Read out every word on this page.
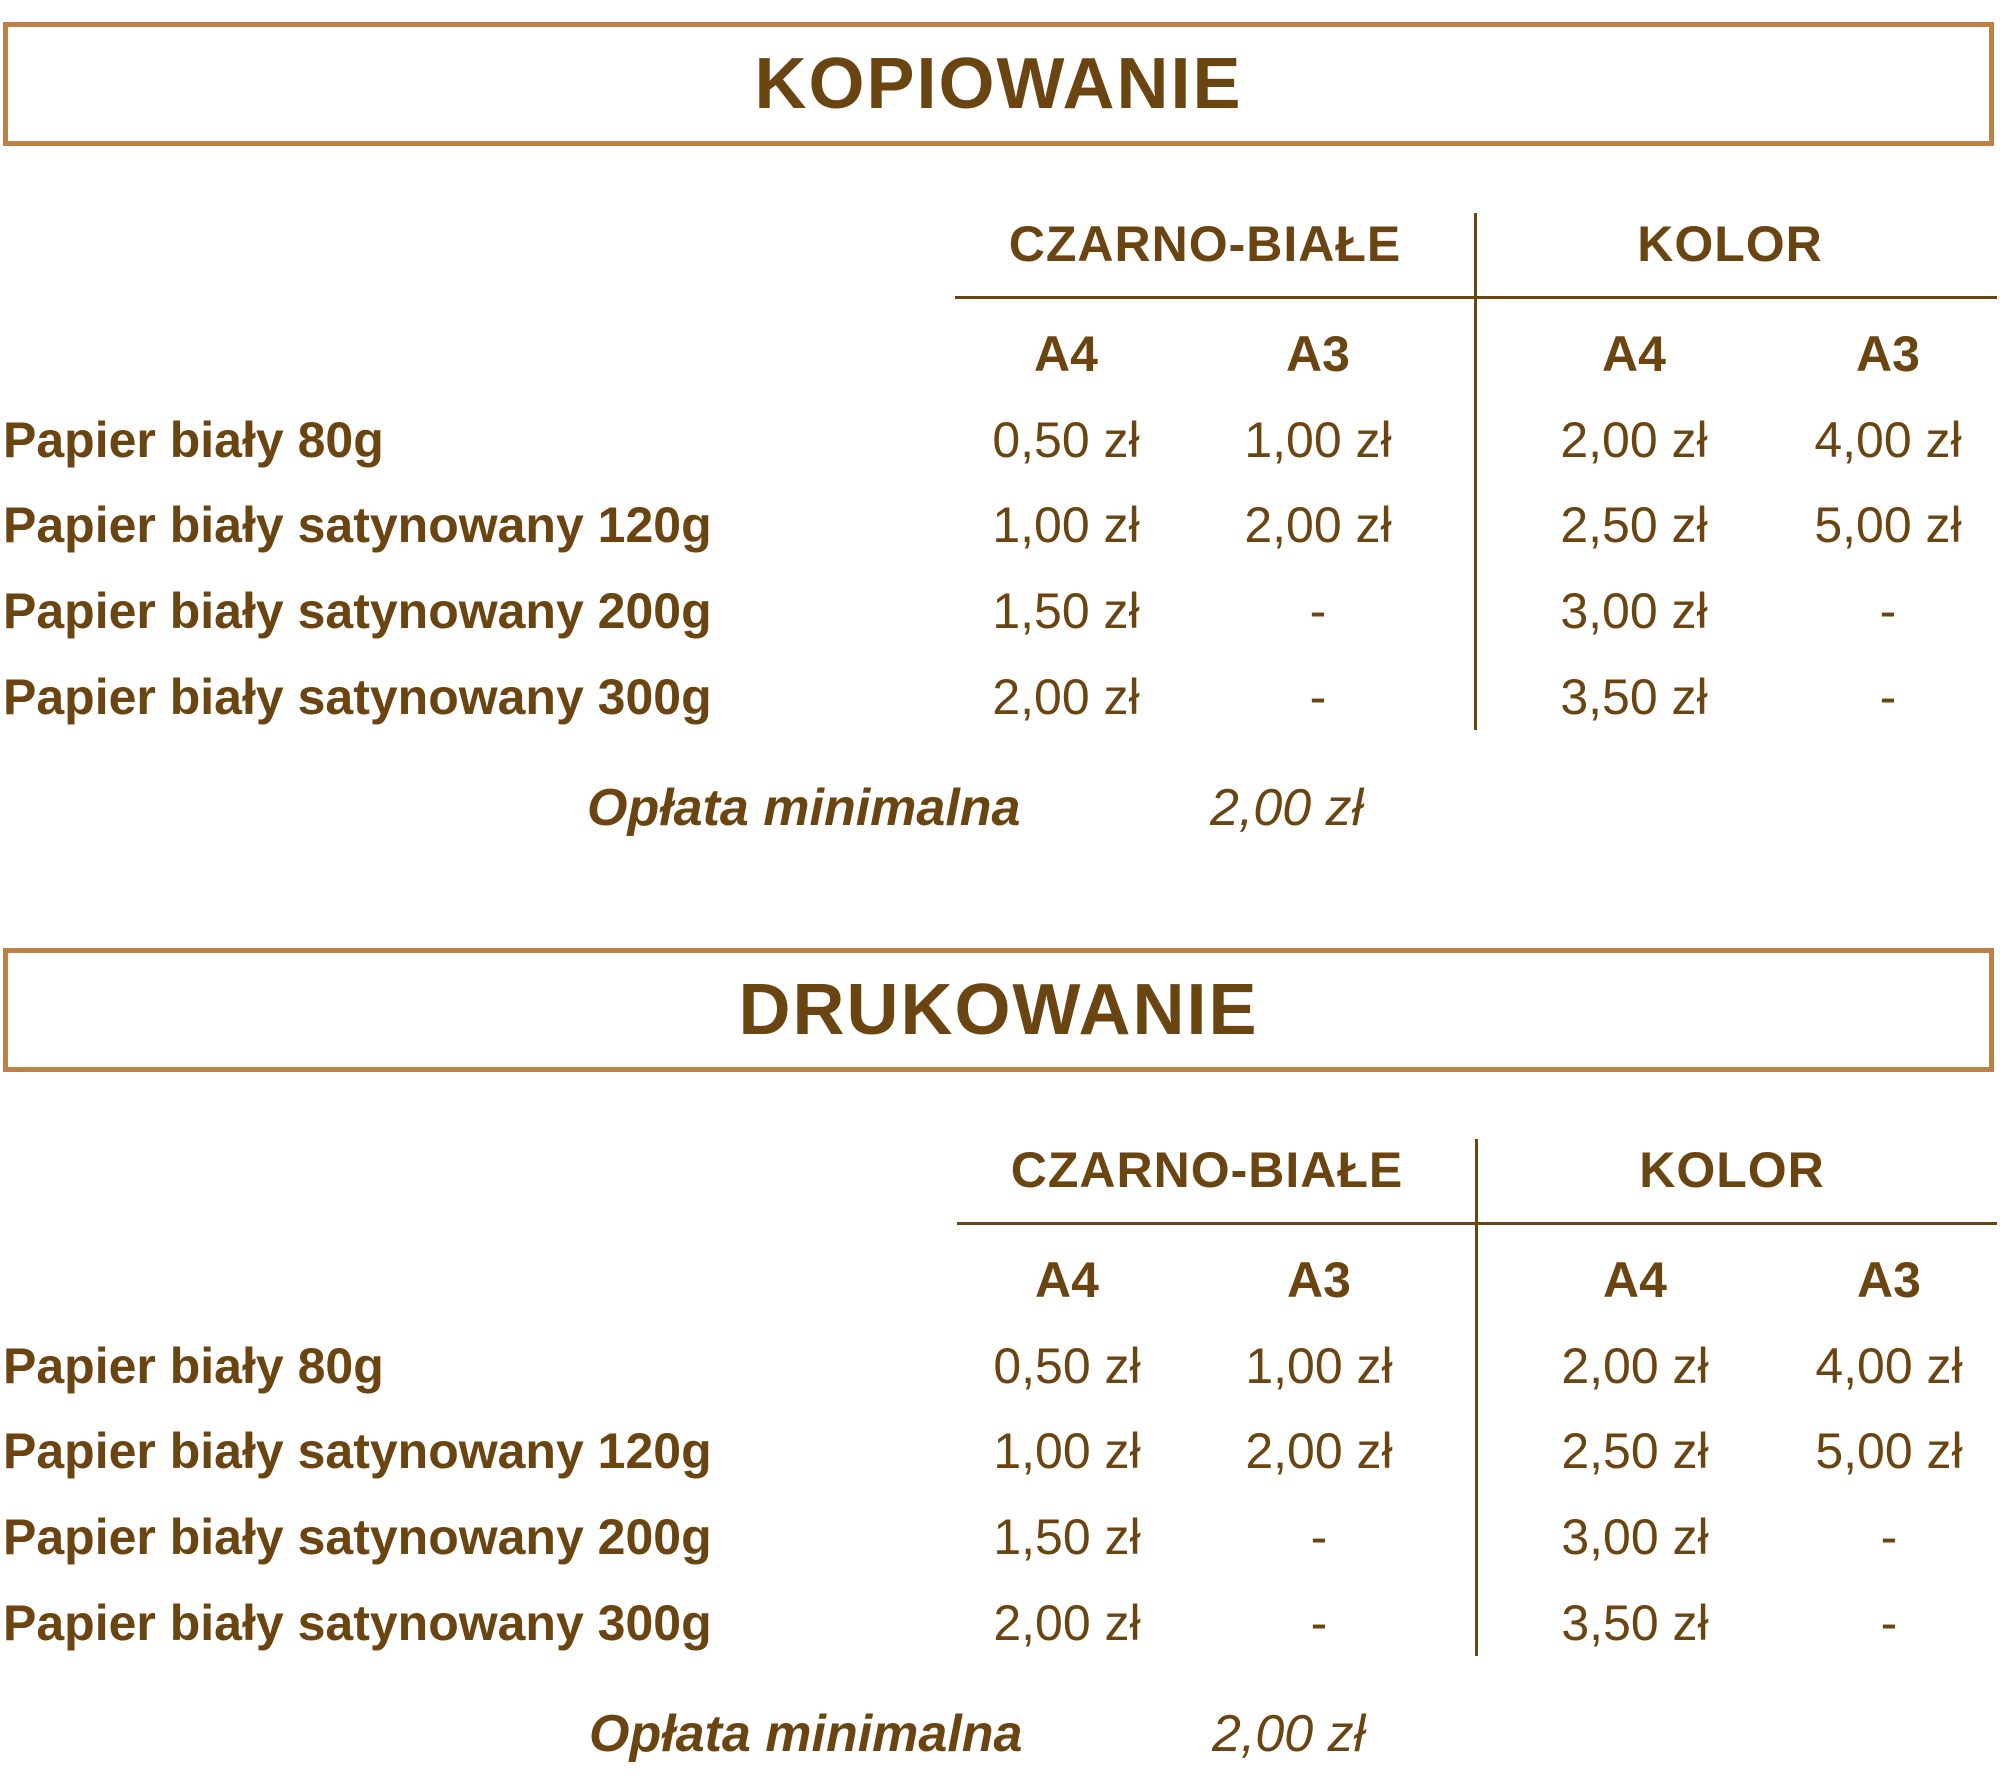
KOPIOWANIE
CZARNO-BIAŁE	KOLOR
A4	A3	A4	A3
Papier biały 80g	0,50 zł	1,00 zł	2,00 zł	4,00 zł
Papier biały satynowany 120g	1,00 zł	2,00 zł	2,50 zł	5,00 zł
Papier biały satynowany 200g	1,50 zł	-	3,00 zł	-
Papier biały satynowany 300g	2,00 zł	-	3,50 zł	-
Opłata minimalna	2,00 zł
DRUKOWANIE
CZARNO-BIAŁE	KOLOR
A4	A3	A4	A3
Papier biały 80g	0,50 zł	1,00 zł	2,00 zł	4,00 zł
Papier biały satynowany 120g	1,00 zł	2,00 zł	2,50 zł	5,00 zł
Papier biały satynowany 200g	1,50 zł	-	3,00 zł	-
Papier biały satynowany 300g	2,00 zł	-	3,50 zł	-
Opłata minimalna	2,00 zł
